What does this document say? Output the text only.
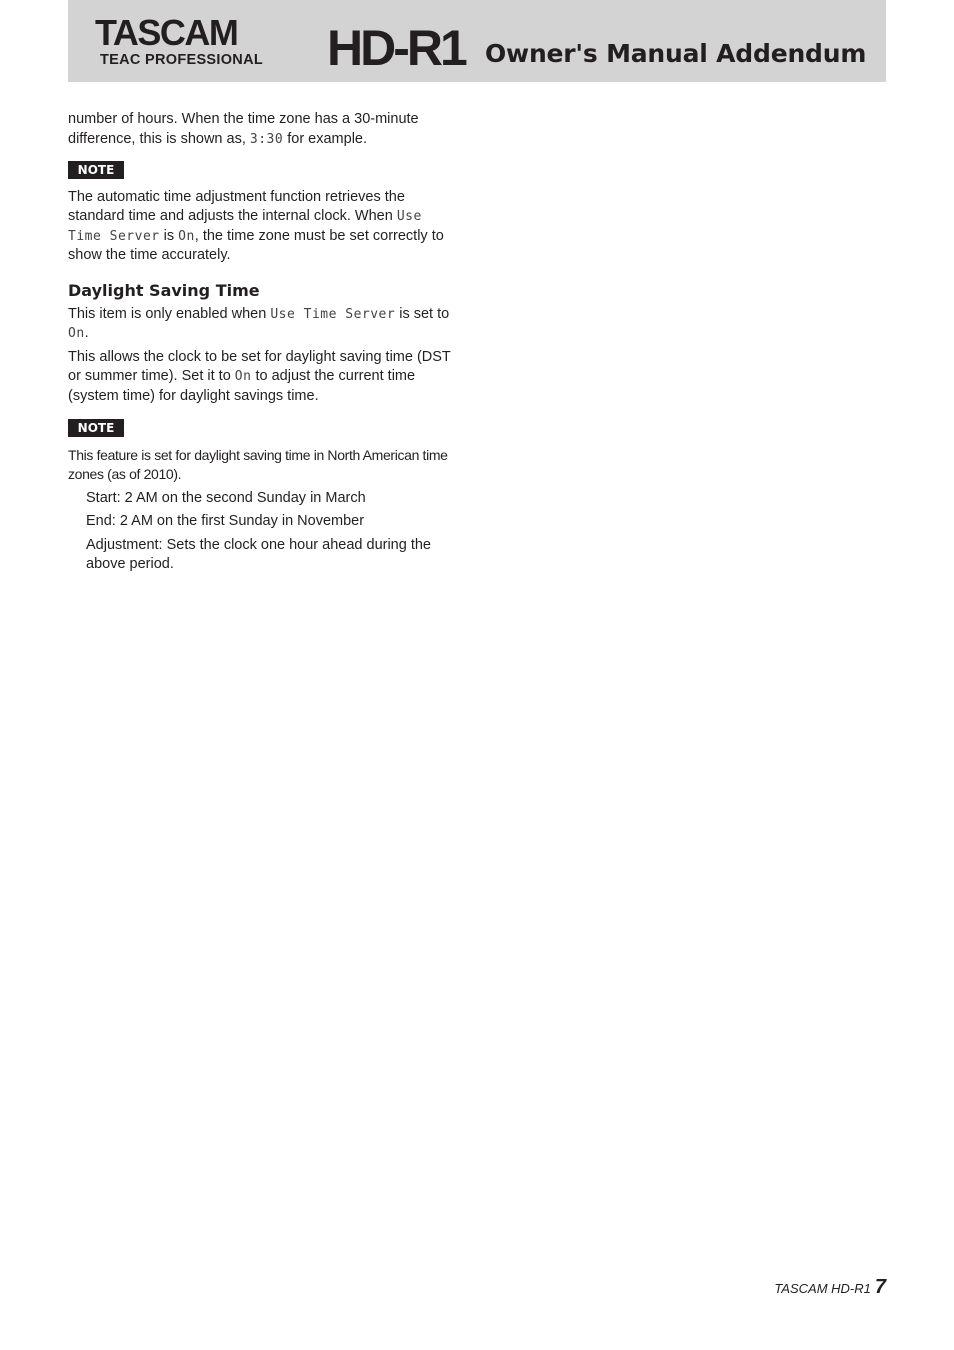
TASCAM
TEAC PROFESSIONAL HD-R1 Owner's Manual Addendum

number of hours. When the time zone has a 30-minute
difference, this is shown as, 3:30 for example.

NOTE

The automatic time adjustment function retrieves the standard time and adjusts the internal clock. When Use Time Server is On, the time zone must be set correctly to show the time accurately.

Daylight Saving Time

This item is only enabled when Use Time Server is set to On.

This allows the clock to be set for daylight saving time (DST or summer time). Set it to On to adjust the current time (system time) for daylight savings time.

NOTE

This feature is set for daylight saving time in North American time zones (as of 2010).

Start: 2 AM on the second Sunday in March
End: 2 AM on the first Sunday in November
Adjustment: Sets the clock one hour ahead during the above period.
TASCAM HD-R1 7
